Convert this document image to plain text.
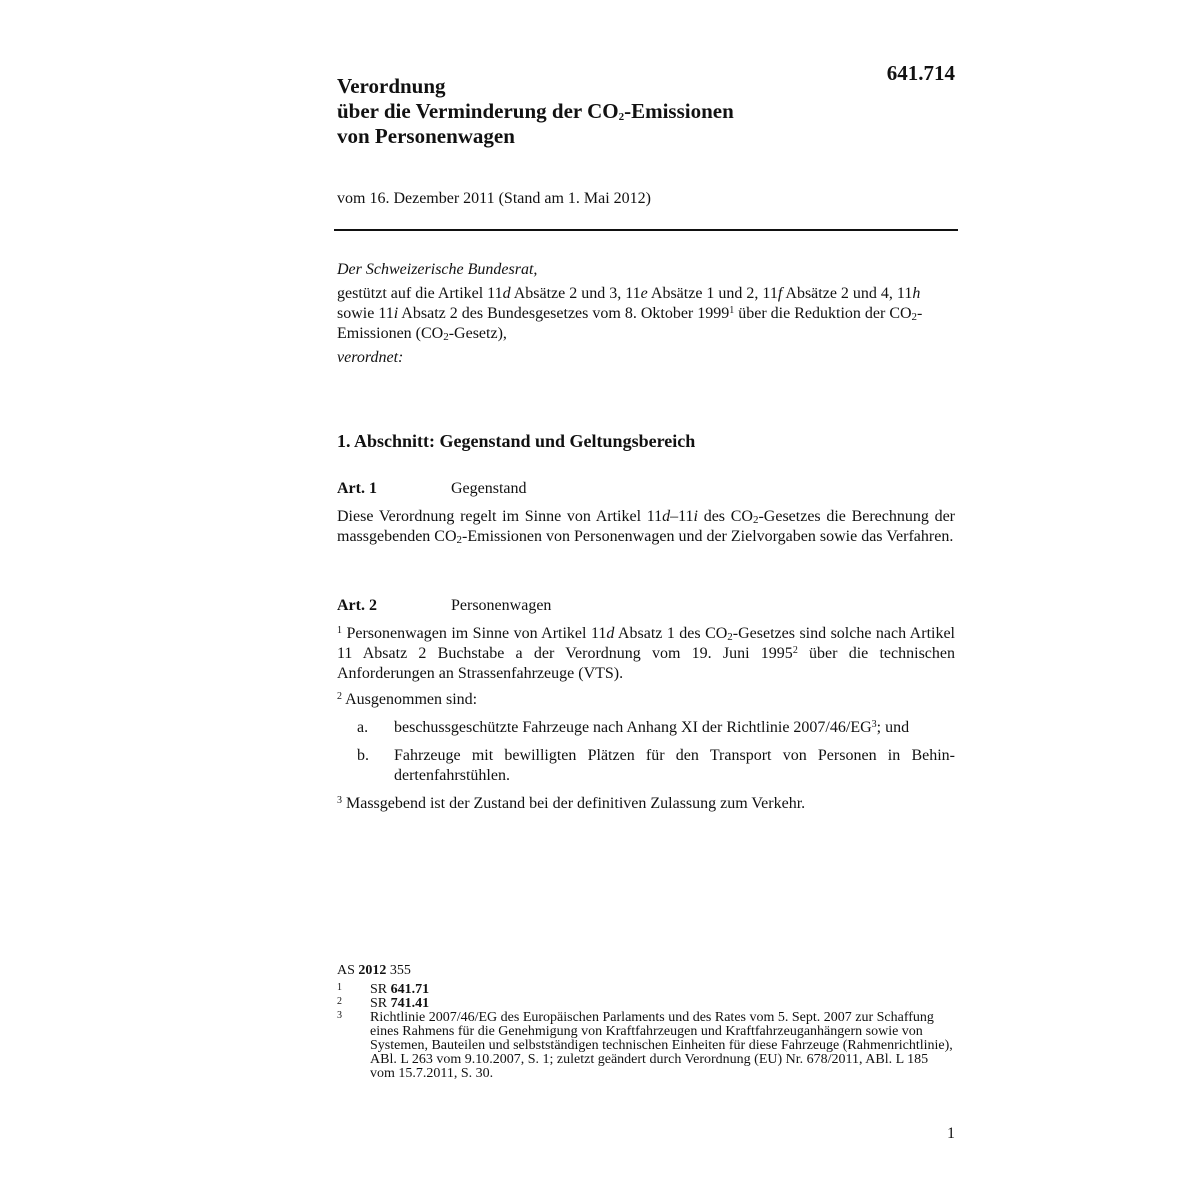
641.714
Verordnung
über die Verminderung der $CO_2$-Emissionen
von Personenwagen
vom 16. Dezember 2011 (Stand am 1. Mai 2012)

Der Schweizerische Bundesrat,

gestützt auf die Artikel 11d Absätze 2 und 3, 11e Absätze 1 und 2, 11f Absätze 2 und 4, 11h sowie 11i Absatz 2 des Bundesgesetzes vom 8. Oktober 1999$^1$ über die Reduktion der $CO_2$-Emissionen $(CO_2-Gesetz)$,

verordnet:

1. Abschnitt: Gegenstand und Geltungsbereich
Art. 1	Gegenstand

Diese Verordnung regelt im Sinne von Artikel 11d–11i des $CO_2$-Gesetzes die Berechnung der massgebenden $CO_2$-Emissionen von Personenwagen und der Zielvorgaben sowie das Verfahren.

Art. 2	Personenwagen

$^1$ Personenwagen im Sinne von Artikel 11d Absatz 1 des $CO_2$-Gesetzes sind solche nach Artikel 11 Absatz 2 Buchstabe a der Verordnung vom 19. Juni 1995$^2$ über die technischen Anforderungen an Strassenfahrzeuge (VTS).

$^2$ Ausgenommen sind:

a. beschussgeschützte Fahrzeuge nach Anhang XI der Richtlinie $2007/46/EG^3$; und
b. Fahrzeuge mit bewilligten Plätzen für den Transport von Personen in Behindertenfahrstühlen.

$^3$ Massgebend ist der Zustand bei der definitiven Zulassung zum Verkehr.

AS 2012 355
1 SR 641.71
2 SR 741.41
3 Richtlinie 2007/46/EG des Europäischen Parlaments und des Rates vom 5. Sept. 2007 zur Schaffung eines Rahmens für die Genehmigung von Kraftfahrzeugen und Kraftfahrzeuganhängern sowie von Systemen, Bauteilen und selbstständigen technischen Einheiten für diese Fahrzeuge (Rahmenrichtlinie), ABl. L 263 vom 9.10.2007, S. 1; zuletzt geändert durch Verordnung (EU) Nr. 678/2011, ABl. L 185 vom 15.7.2011, S. 30.
1
